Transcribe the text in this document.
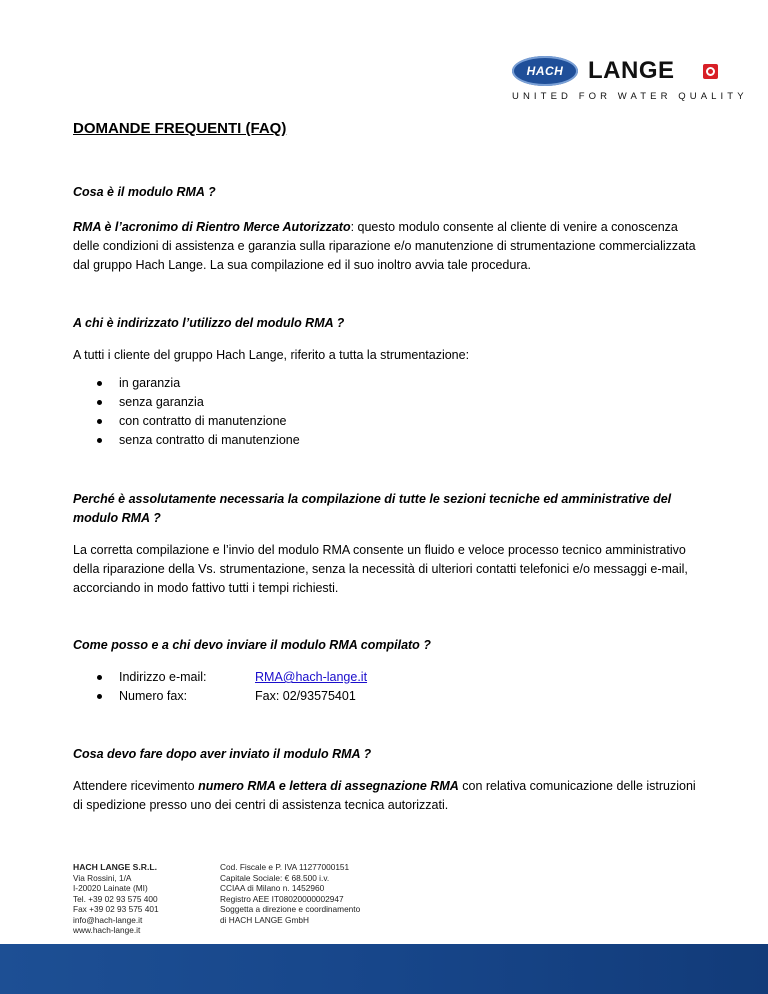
HACH	LANGE
UNITED FOR WATER QUALITY
DOMANDE FREQUENTI (FAQ)

Cosa è il modulo RMA ?

RMA è l’acronimo di Rientro Merce Autorizzato: questo modulo consente al cliente di venire a conoscenza delle condizioni di assistenza e garanzia sulla riparazione e/o manutenzione di strumentazione commercializzata dal gruppo Hach Lange. La sua compilazione ed il suo inoltro avvia tale procedura.

A chi è indirizzato l’utilizzo del modulo RMA ?

A tutti i cliente del gruppo Hach Lange, riferito a tutta la strumentazione:

in garanzia
senza garanzia
con contratto di manutenzione
senza contratto di manutenzione

Perché è assolutamente necessaria la compilazione di tutte le sezioni tecniche ed amministrative del

modulo RMA ?

La corretta compilazione e l’invio del modulo RMA consente un fluido e veloce processo tecnico amministrativo della riparazione della Vs. strumentazione, senza la necessità di ulteriori contatti telefonici e/o messaggi e-mail, accorciando in modo fattivo tutti i tempi richiesti.

Come posso e a chi devo inviare il modulo RMA compilato ?

Indirizzo e-mail:	RMA@hach-lange.it
Numero fax:	Fax: 02/93575401

Cosa devo fare dopo aver inviato il modulo RMA ?

Attendere ricevimento numero RMA e lettera di assegnazione RMA con relativa comunicazione delle istruzioni di spedizione presso uno dei centri di assistenza tecnica autorizzati.

HACH LANGE S.R.L.
Via Rossini, 1/A
I-20020 Lainate (MI)
Tel. +39 02 93 575 400
Fax +39 02 93 575 401
info@hach-lange.it
www.hach-lange.it
Cod. Fiscale e P. IVA 11277000151
Capitale Sociale: € 68.500 i.v.
CCIAA di Milano n. 1452960
Registro AEE IT08020000002947
Soggetta a direzione e coordinamento
di HACH LANGE GmbH
